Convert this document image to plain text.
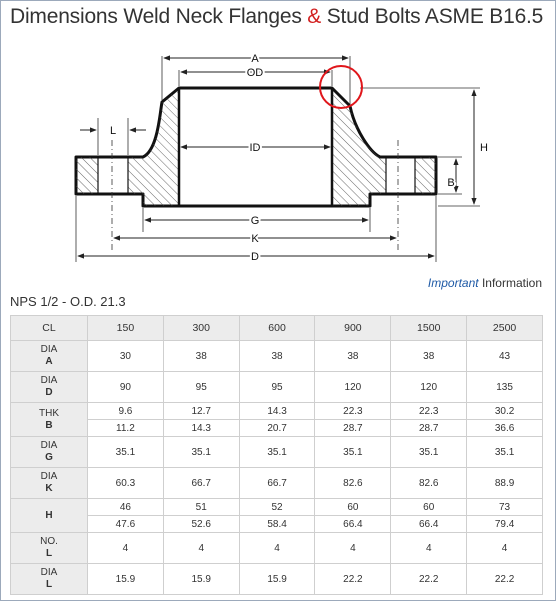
Dimensions Weld Neck Flanges & Stud Bolts ASME B16.5
A
OD
ID
G
K
D
H
B
L
Important Information
NPS 1/2 - O.D. 21.3
CL	150	300	600	900	1500	2500

DIA
A	30	38	38	38	38	43

DIA
D	90	95	95	120	120	135

THK
B	9.6	12.7	14.3	22.3	22.3	30.2
	11.2	14.3	20.7	28.7	28.7	36.6

DIA
G	35.1	35.1	35.1	35.1	35.1	35.1

DIA
K	60.3	66.7	66.7	82.6	82.6	88.9

H	46	51	52	60	60	73
	47.6	52.6	58.4	66.4	66.4	79.4

NO.
L	4	4	4	4	4	4

DIA
L	15.9	15.9	15.9	22.2	22.2	22.2
